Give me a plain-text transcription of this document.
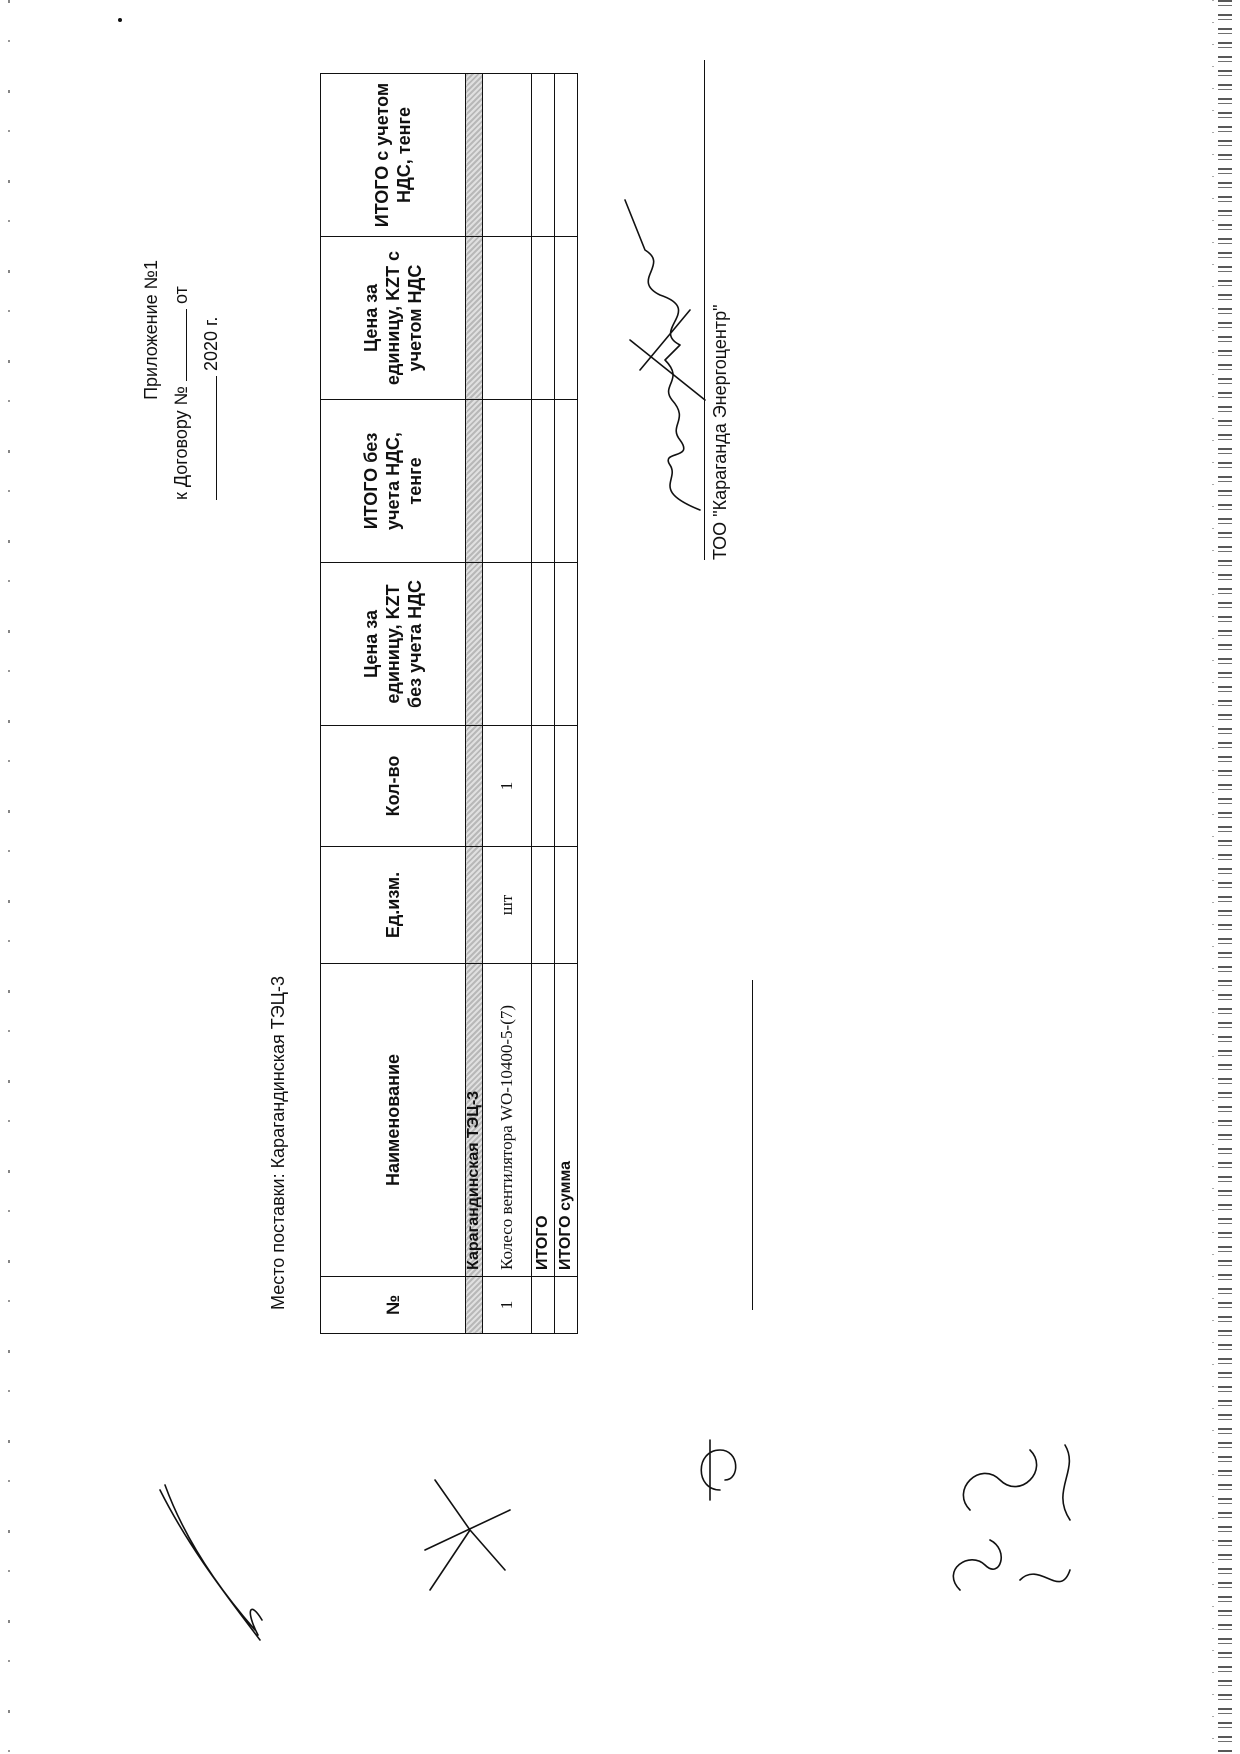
Приложение №1
к Договору №  от
2020 г.
Место поставки: Карагандинская ТЭЦ-3	№	Наименование	Ед.изм.	Кол-во	Цена за единицу, KZT без учета НДС	ИТОГО без учета НДС, тенге	Цена за единицу, KZT с учетом НДС	ИТОГО с учетом НДС, тенге
	Карагандинская ТЭЦ-3						
1	Колесо вентилятора WO-10400-5-(7)	шт	1				
	ИТОГО						
	ИТОГО сумма						
ТОО "Караганда Энергоцентр"
